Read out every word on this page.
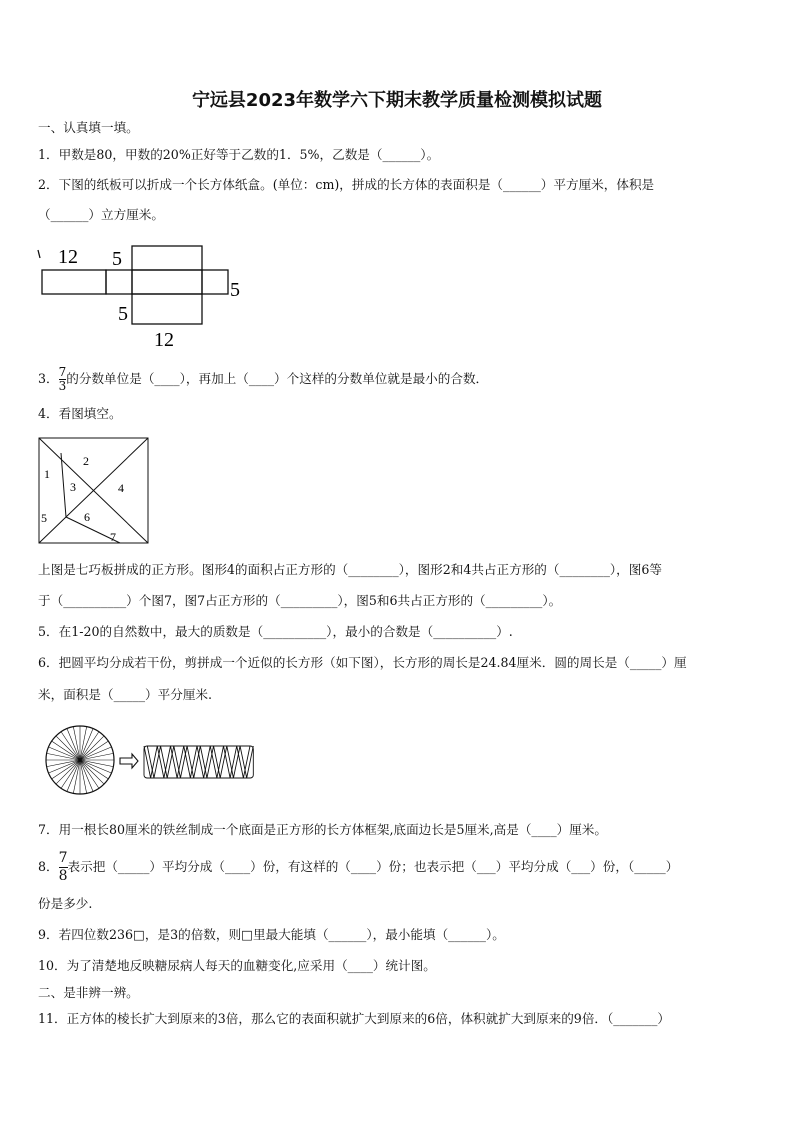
宁远县2023年数学六下期末教学质量检测模拟试题
一、认真填一填。
1．甲数是80，甲数的20%正好等于乙数的1．5%，乙数是（______）。
2．下图的纸板可以折成一个长方体纸盒。(单位：cm)，拼成的长方体的表面积是（______）平方厘米，体积是
（______）立方厘米。
12 5
5
5
12
3． $\frac{7}{3}$ 的分数单位是（____），再加上（____）个这样的分数单位就是最小的合数．
4．看图填空。
1
2
3	4
5	6
7
上图是七巧板拼成的正方形。图形4的面积占正方形的（________），图形2和4共占正方形的（________），图6等
于（__________）个图7，图7占正方形的（_________），图5和6共占正方形的（_________）。
5．在1-20的自然数中，最大的质数是（__________），最小的合数是（__________）.
6．把圆平均分成若干份，剪拼成一个近似的长方形（如下图），长方形的周长是24.84厘米．圆的周长是（_____）厘
米，面积是（_____）平分厘米.
7．用一根长80厘米的铁丝制成一个底面是正方形的长方体框架,底面边长是5厘米,高是（____）厘米。
8． $\frac{7}{8}$ 表示把（_____）平均分成（____）份，有这样的（____）份；也表示把（___）平均分成（___）份，（_____）
份是多少.
9．若四位数236□，是3的倍数，则□里最大能填（______），最小能填（______）。
10．为了清楚地反映糖尿病人每天的血糖变化,应采用（____）统计图。
二、是非辨一辨。
11．正方体的棱长扩大到原来的3倍，那么它的表面积就扩大到原来的6倍，体积就扩大到原来的9倍．（_______）
